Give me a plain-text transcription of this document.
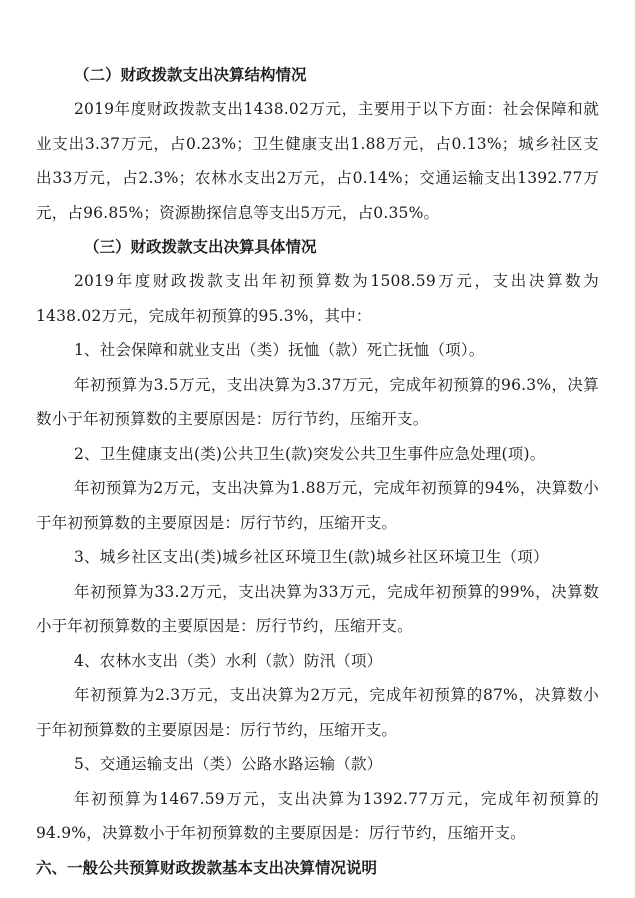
（二）财政拨款支出决算结构情况

2019年度财政拨款支出1438.02万元，主要用于以下方面：社会保障和就业支出3.37万元，占0.23%；卫生健康支出1.88万元，占0.13%；城乡社区支出33万元，占2.3%；农林水支出2万元，占0.14%；交通运输支出1392.77万元，占96.85%；资源勘探信息等支出5万元，占0.35%。

（三）财政拨款支出决算具体情况

2019年度财政拨款支出年初预算数为1508.59万元，支出决算数为1438.02万元，完成年初预算的95.3%，其中：

1、社会保障和就业支出（类）抚恤（款）死亡抚恤（项）。

年初预算为3.5万元，支出决算为3.37万元，完成年初预算的96.3%，决算数小于年初预算数的主要原因是：厉行节约，压缩开支。

2、卫生健康支出(类)公共卫生(款)突发公共卫生事件应急处理(项)。

年初预算为2万元，支出决算为1.88万元，完成年初预算的94%，决算数小于年初预算数的主要原因是：厉行节约，压缩开支。

3、城乡社区支出(类)城乡社区环境卫生(款)城乡社区环境卫生（项）

年初预算为33.2万元，支出决算为33万元，完成年初预算的99%，决算数小于年初预算数的主要原因是：厉行节约，压缩开支。

4、农林水支出（类）水利（款）防汛（项）

年初预算为2.3万元，支出决算为2万元，完成年初预算的87%，决算数小于年初预算数的主要原因是：厉行节约，压缩开支。

5、交通运输支出（类）公路水路运输（款）

年初预算为1467.59万元，支出决算为1392.77万元，完成年初预算的94.9%，决算数小于年初预算数的主要原因是：厉行节约，压缩开支。

六、一般公共预算财政拨款基本支出决算情况说明
